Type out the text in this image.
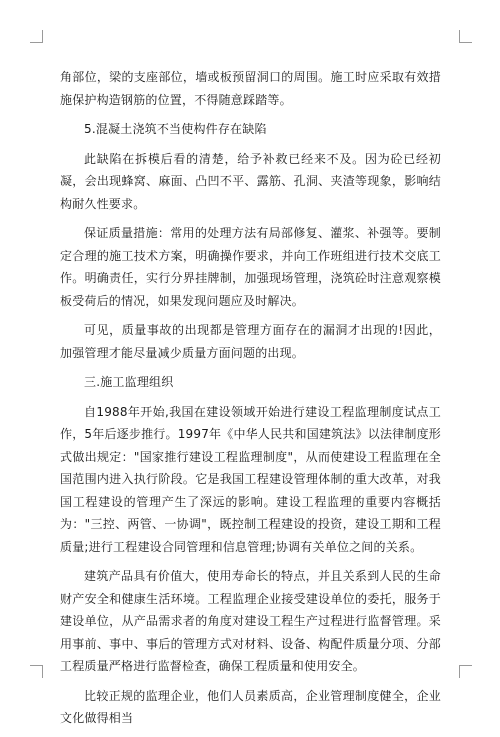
角部位，梁的支座部位，墙或板预留洞口的周围。施工时应采取有效措施保护构造钢筋的位置，不得随意踩踏等。

5.混凝土浇筑不当使构件存在缺陷

此缺陷在拆模后看的清楚，给予补救已经来不及。因为砼已经初凝，会出现蜂窝、麻面、凸凹不平、露筋、孔洞、夹渣等现象，影响结构耐久性要求。

保证质量措施：常用的处理方法有局部修复、灌浆、补强等。要制定合理的施工技术方案，明确操作要求，并向工作班组进行技术交底工作。明确责任，实行分界挂牌制，加强现场管理，浇筑砼时注意观察模板受荷后的情况，如果发现问题应及时解决。

可见，质量事故的出现都是管理方面存在的漏洞才出现的!因此，加强管理才能尽量减少质量方面问题的出现。

三.施工监理组织

自1988年开始,我国在建设领域开始进行建设工程监理制度试点工作，5年后逐步推行。1997年《中华人民共和国建筑法》以法律制度形式做出规定："国家推行建设工程监理制度"，从而使建设工程监理在全国范围内进入执行阶段。它是我国工程建设管理体制的重大改革，对我国工程建设的管理产生了深远的影响。建设工程监理的重要内容概括为："三控、两管、一协调"，既控制工程建设的投资，建设工期和工程质量;进行工程建设合同管理和信息管理;协调有关单位之间的关系。

建筑产品具有价值大，使用寿命长的特点，并且关系到人民的生命财产安全和健康生活环境。工程监理企业接受建设单位的委托，服务于建设单位，从产品需求者的角度对建设工程生产过程进行监督管理。采用事前、事中、事后的管理方式对材料、设备、构配件质量分项、分部工程质量严格进行监督检查，确保工程质量和使用安全。

比较正规的监理企业，他们人员素质高，企业管理制度健全，企业文化做得相当
